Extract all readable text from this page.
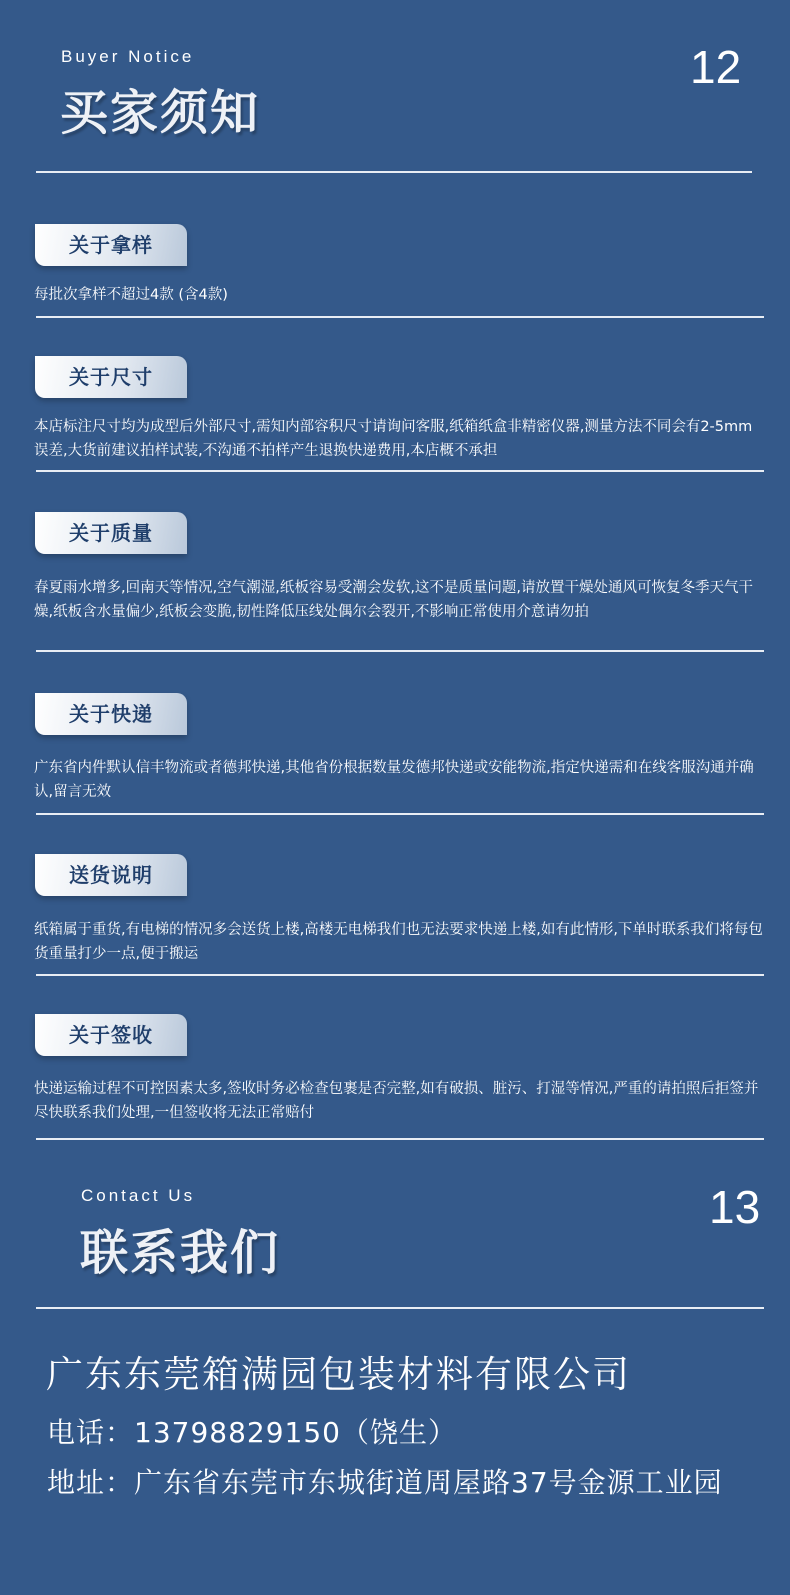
Buyer Notice
买家须知
12
关于拿样
每批次拿样不超过4款 (含4款)
关于尺寸
本店标注尺寸均为成型后外部尺寸,需知内部容积尺寸请询问客服,纸箱纸盒非精密仪器,测量方法不同会有2-5mm误差,大货前建议拍样试装,不沟通不拍样产生退换快递费用,本店概不承担
关于质量
春夏雨水增多,回南天等情况,空气潮湿,纸板容易受潮会发软,这不是质量问题,请放置干燥处通风可恢复冬季天气干燥,纸板含水量偏少,纸板会变脆,韧性降低压线处偶尔会裂开,不影响正常使用介意请勿拍
关于快递
广东省内件默认信丰物流或者德邦快递,其他省份根据数量发德邦快递或安能物流,指定快递需和在线客服沟通并确认,留言无效
送货说明
纸箱属于重货,有电梯的情况多会送货上楼,高楼无电梯我们也无法要求快递上楼,如有此情形,下单时联系我们将每包货重量打少一点,便于搬运
关于签收
快递运输过程不可控因素太多,签收时务必检查包裹是否完整,如有破损、脏污、打湿等情况,严重的请拍照后拒签并尽快联系我们处理,一但签收将无法正常赔付
Contact Us
联系我们
13
广东东莞箱满园包装材料有限公司
电话：13798829150（饶生）
地址：广东省东莞市东城街道周屋路37号金源工业园
